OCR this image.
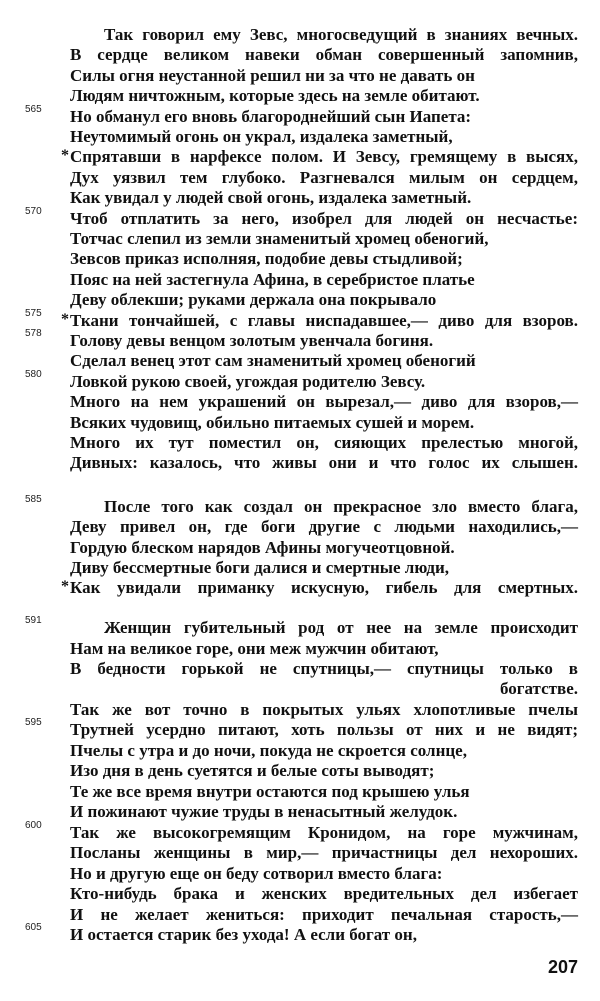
Так говорил ему Зевс, многосведущий в знаниях вечных.
В сердце великом навеки обман совершенный запомнив,
Силы огня неустанной решил ни за что не давать он
Людям ничтожным, которые здесь на земле обитают.
Но обманул его вновь благороднейший сын Иапета:
565
Неутомимый огонь он украл, издалека заметный,
* Спрятавши в нарфексе полом. И Зевсу, гремящему в высях,
Дух уязвил тем глубоко. Разгневался милым он сердцем,
Как увидал у людей свой огонь, издалека заметный.
Чтоб отплатить за него, изобрел для людей он несчастье:
570
Тотчас слепил из земли знаменитый хромец обеногий,
Зевсов приказ исполняя, подобие девы стыдливой;
Пояс на ней застегнула Афина, в серебристое платье
Деву облекши; руками держала она покрывало
* Ткани тончайшей, с главы ниспадавшее,— диво для взоров.
575
Голову девы венцом золотым увенчала богиня.
578
Сделал венец этот сам знаменитый хромец обеногий
Ловкой рукою своей, угождая родителю Зевсу.
580
Много на нем украшений он вырезал,— диво для взоров,—
Всяких чудовищ, обильно питаемых сушей и морем.
Много их тут поместил он, сияющих прелестью многой,
Дивных: казалось, что живы они и что голос их слышен.
После того как создал он прекрасное зло вместо блага,
585
Деву привел он, где боги другие с людьми находились,—
Гордую блеском нарядов Афины могучеотцовной.
Диву бессмертные боги далися и смертные люди,
* Как увидали приманку искусную, гибель для смертных.
Женщин губительный род от нее на земле происходит
591
Нам на великое горе, они меж мужчин обитают,
В бедности горькой не спутницы,— спутницы только в
богатстве.
Так же вот точно в покрытых ульях хлопотливые пчелы
Трутней усердно питают, хоть пользы от них и не видят;
595
Пчелы с утра и до ночи, покуда не скроется солнце,
Изо дня в день суетятся и белые соты выводят;
Те же все время внутри остаются под крышею улья
И пожинают чужие труды в ненасытный желудок.
Так же высокогремящим Кронидом, на горе мужчинам,
600
Посланы женщины в мир,— причастницы дел нехороших.
Но и другую еще он беду сотворил вместо блага:
Кто-нибудь брака и женских вредительных дел избегает
И не желает жениться: приходит печальная старость,—
И остается старик без ухода! А если богат он,
605
207
